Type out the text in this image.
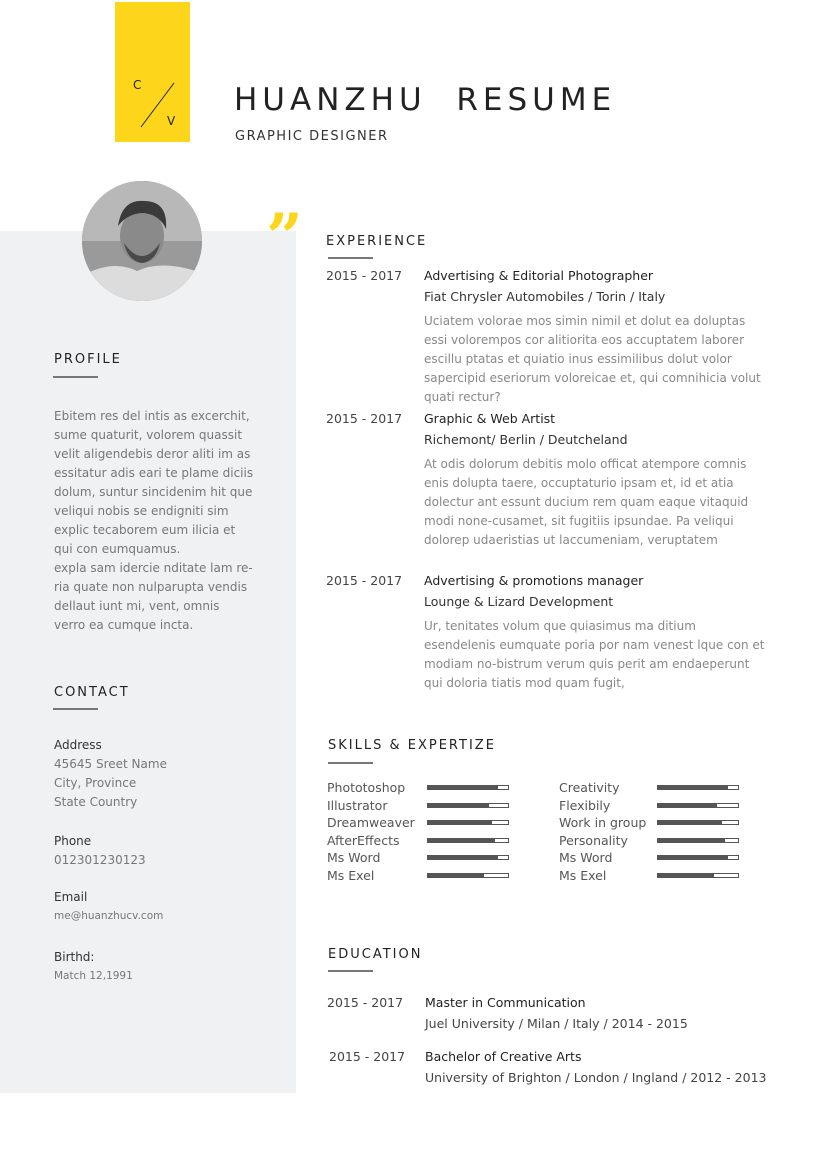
C
V
HUANZHU RESUME
GRAPHIC DESIGNER
”
PROFILE

Ebitem res del intis as excerchit, sume quaturit, volorem quassit velit aligendebis deror aliti im as essitatur adis eari te plame diciis dolum, suntur sincidenim hit que veliqui nobis se endigniti sim explic tecaborem eum ilicia et qui con eumquamus.

expla sam idercie nditate lam re-ria quate non nulparupta vendis dellaut iunt mi, vent, omnis verro ea cumque incta.

CONTACT
Address
45645 Sreet Name
City, Province
State Country
Phone
012301230123
Email
me@huanzhucv.com
Birthd:
Match 12,1991
EXPERIENCE
2015 - 2017 Advertising & Editorial Photographer
Fiat Chrysler Automobiles / Torin / Italy

Uciatem volorae mos simin nimil et dolut ea doluptas essi volorempos cor alitiorita eos accuptatem laborer escillu ptatas et quiatio inus essimilibus dolut volor sapercipid eseriorum voloreicae et, qui comnihicia volut quati rectur?

2015 - 2017 Graphic & Web Artist
Richemont/ Berlin / Deutcheland

At odis dolorum debitis molo officat atempore comnis enis dolupta taere, occuptaturio ipsam et, id et atia dolectur ant essunt ducium rem quam eaque vitaquid modi none-cusamet, sit fugitiis ipsundae. Pa veliqui dolorep udaeristias ut laccumeniam, veruptatem

2015 - 2017 Advertising & promotions manager
Lounge & Lizard Development

Ur, tenitates volum que quiasimus ma ditium esendelenis eumquate poria por nam venest lque con et modiam no-bistrum verum quis perit am endaeperunt qui doloria tiatis mod quam fugit,

SKILLS & EXPERTIZE
Phototoshop
Illustrator
Dreamweaver
AfterEffects
Ms Word
Ms Exel
Creativity
Flexibily
Work in group
Personality
Ms Word
Ms Exel
EDUCATION
2015 - 2017 Master in Communication
Juel University / Milan / Italy / 2014 - 2015
2015 - 2017 Bachelor of Creative Arts
University of Brighton / London / Ingland / 2012 - 2013
